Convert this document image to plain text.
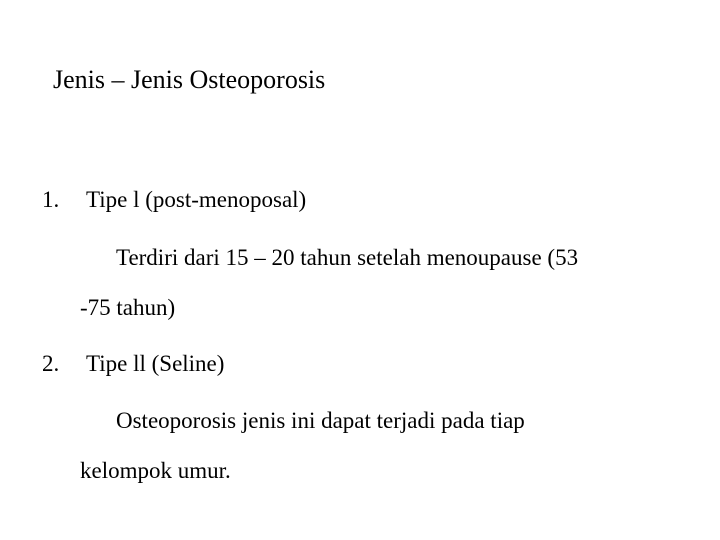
Jenis – Jenis Osteoporosis
1. Tipe l (post-menoposal)
Terdiri dari 15 – 20 tahun setelah menoupause (53
-75 tahun)
2. Tipe ll (Seline)
Osteoporosis jenis ini dapat terjadi pada tiap
kelompok umur.
